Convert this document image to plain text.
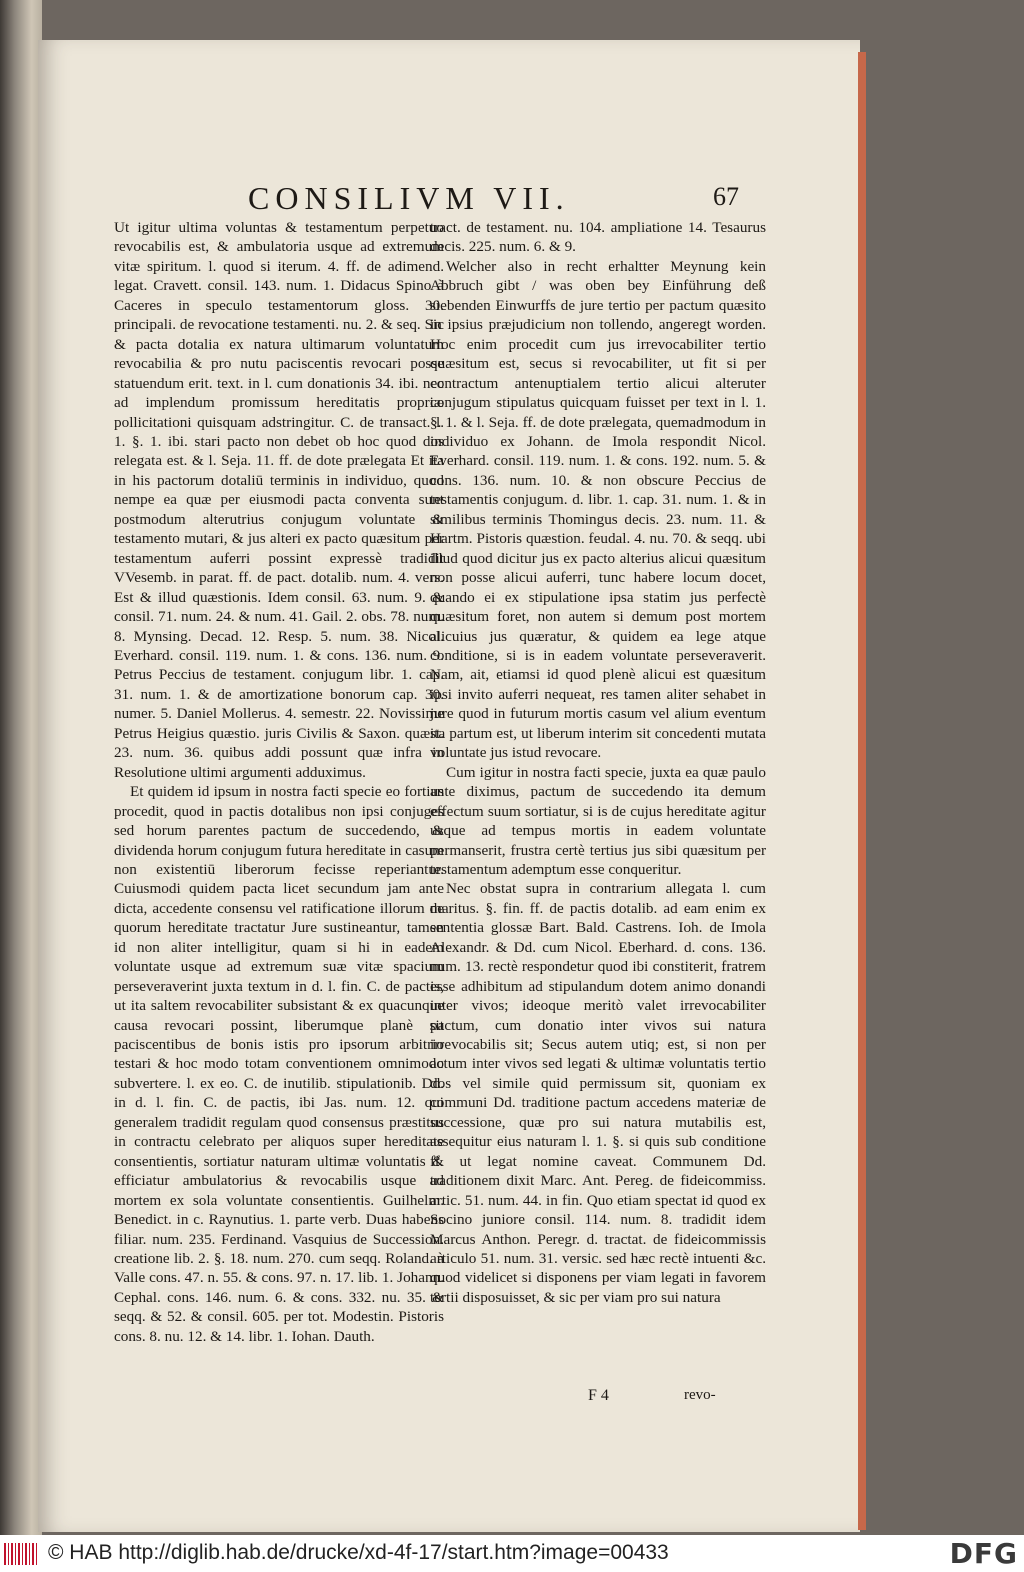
CONSILIVM VII.	67

Ut igitur ultima voluntas & testamentum perpetuo revocabilis est, & ambulatoria usque ad extremum vitæ spiritum. l. quod si iterum. 4. ff. de adimend. legat. Cravett. consil. 143. num. 1. Didacus Spino à Caceres in speculo testamentorum gloss. 30. principali. de revocatione testamenti. nu. 2. & seq. Sic & pacta dotalia ex natura ultimarum voluntatum revocabilia & pro nutu paciscentis revocari posse statuendum erit. text. in l. cum donationis 34. ibi. nec ad implendum promissum hereditatis propriæ pollicitationi quisquam adstringitur. C. de transact. l. 1. §. 1. ibi. stari pacto non debet ob hoc quod dos relegata est. & l. Seja. 11. ff. de dote prælegata Et ita in his pactorum dotaliū terminis in individuo, quod nempe ea quæ per eiusmodi pacta conventa sunt postmodum alterutrius conjugum voluntate & testamento mutari, & jus alteri ex pacto quæsitum per testamentum auferri possint expressè tradidit VVesemb. in parat. ff. de pact. dotalib. num. 4. vers. Est & illud quæstionis. Idem consil. 63. num. 9. & consil. 71. num. 24. & num. 41. Gail. 2. obs. 78. num. 8. Mynsing. Decad. 12. Resp. 5. num. 38. Nicol. Everhard. consil. 119. num. 1. & cons. 136. num. 9. Petrus Peccius de testament. conjugum libr. 1. cap. 31. num. 1. & de amortizatione bonorum cap. 30. numer. 5. Daniel Mollerus. 4. semestr. 22. Novissime Petrus Heigius quæstio. juris Civilis & Saxon. quæst. 23. num. 36. quibus addi possunt quæ infra in Resolutione ultimi argumenti adduximus.

Et quidem id ipsum in nostra facti specie eo fortius procedit, quod in pactis dotalibus non ipsi conjuges sed horum parentes pactum de succedendo, & dividenda horum conjugum futura hereditate in casum non existentiū liberorum fecisse reperiantur. Cuiusmodi quidem pacta licet secundum jam ante dicta, accedente consensu vel ratificatione illorum de quorum hereditate tractatur Jure sustineantur, tamen id non aliter intelligitur, quam si hi in eadem voluntate usque ad extremum suæ vitæ spacium perseveraverint juxta textum in d. l. fin. C. de pactis, ut ita saltem revocabiliter subsistant & ex quacunque causa revocari possint, liberumque planè sit paciscentibus de bonis istis pro ipsorum arbitrio testari & hoc modo totam conventionem omnimodo subvertere. l. ex eo. C. de inutilib. stipulationib. Dd. in d. l. fin. C. de pactis, ibi Jas. num. 12. qui generalem tradidit regulam quod consensus præstitus in contractu celebrato per aliquos super hereditate consentientis, sortiatur naturam ultimæ voluntatis & efficiatur ambulatorius & revocabilis usque ad mortem ex sola voluntate consentientis. Guilhelm. Benedict. in c. Raynutius. 1. parte verb. Duas habens filiar. num. 235. Ferdinand. Vasquius de Succession. creatione lib. 2. §. 18. num. 270. cum seqq. Roland. à Valle cons. 47. n. 55. & cons. 97. n. 17. lib. 1. Johann. Cephal. cons. 146. num. 6. & cons. 332. nu. 35. & seqq. & 52. & consil. 605. per tot. Modestin. Pistoris cons. 8. nu. 12. & 14. libr. 1. Iohan. Dauth.

tract. de testament. nu. 104. ampliatione 14. Tesaurus decis. 225. num. 6. & 9.

Welcher also in recht erhaltter Meynung kein Abbruch gibt / was oben bey Einführung deß siebenden Einwurffs de jure tertio per pactum quæsito in ipsius præjudicium non tollendo, angeregt worden. Hoc enim procedit cum jus irrevocabiliter tertio quæsitum est, secus si revocabiliter, ut fit si per contractum antenuptialem tertio alicui alteruter conjugum stipulatus quicquam fuisset per text in l. 1. §. 1. & l. Seja. ff. de dote prælegata, quemadmodum in individuo ex Johann. de Imola respondit Nicol. Everhard. consil. 119. num. 1. & cons. 192. num. 5. & cons. 136. num. 10. & non obscure Peccius de testamentis conjugum. d. libr. 1. cap. 31. num. 1. & in similibus terminis Thomingus decis. 23. num. 11. & Hartm. Pistoris quæstion. feudal. 4. nu. 70. & seqq. ubi illud quod dicitur jus ex pacto alterius alicui quæsitum non posse alicui auferri, tunc habere locum docet, quando ei ex stipulatione ipsa statim jus perfectè quæsitum foret, non autem si demum post mortem alicuius jus quæratur, & quidem ea lege atque conditione, si is in eadem voluntate perseveraverit. Nam, ait, etiamsi id quod plenè alicui est quæsitum ipsi invito auferri nequeat, res tamen aliter sehabet in jure quod in futurum mortis casum vel alium eventum ita partum est, ut liberum interim sit concedenti mutata voluntate jus istud revocare.

Cum igitur in nostra facti specie, juxta ea quæ paulo ante diximus, pactum de succedendo ita demum effectum suum sortiatur, si is de cujus hereditate agitur usque ad tempus mortis in eadem voluntate permanserit, frustra certè tertius jus sibi quæsitum per testamentum ademptum esse conqueritur.

Nec obstat supra in contrarium allegata l. cum maritus. §. fin. ff. de pactis dotalib. ad eam enim ex sententia glossæ Bart. Bald. Castrens. Ioh. de Imola Alexandr. & Dd. cum Nicol. Eberhard. d. cons. 136. num. 13. rectè respondetur quod ibi constiterit, fratrem esse adhibitum ad stipulandum dotem animo donandi inter vivos; ideoque meritò valet irrevocabiliter pactum, cum donatio inter vivos sui natura irrevocabilis sit; Secus autem utiq; est, si non per actum inter vivos sed legati & ultimæ voluntatis tertio dos vel simile quid permissum sit, quoniam ex communi Dd. traditione pactum accedens materiæ de successione, quæ pro sui natura mutabilis est, assequitur eius naturam l. 1. §. si quis sub conditione ff. ut legat nomine caveat. Communem Dd. traditionem dixit Marc. Ant. Pereg. de fideicommiss. artic. 51. num. 44. in fin. Quo etiam spectat id quod ex Socino juniore consil. 114. num. 8. tradidit idem Marcus Anthon. Peregr. d. tractat. de fideicommissis articulo 51. num. 31. versic. sed hæc rectè intuenti &c. quod videlicet si disponens per viam legati in favorem tertii disposuisset, & sic per viam pro sui natura

F 4	revo-
© HAB http://diglib.hab.de/drucke/xd-4f-17/start.htm?image=00433	DFG
